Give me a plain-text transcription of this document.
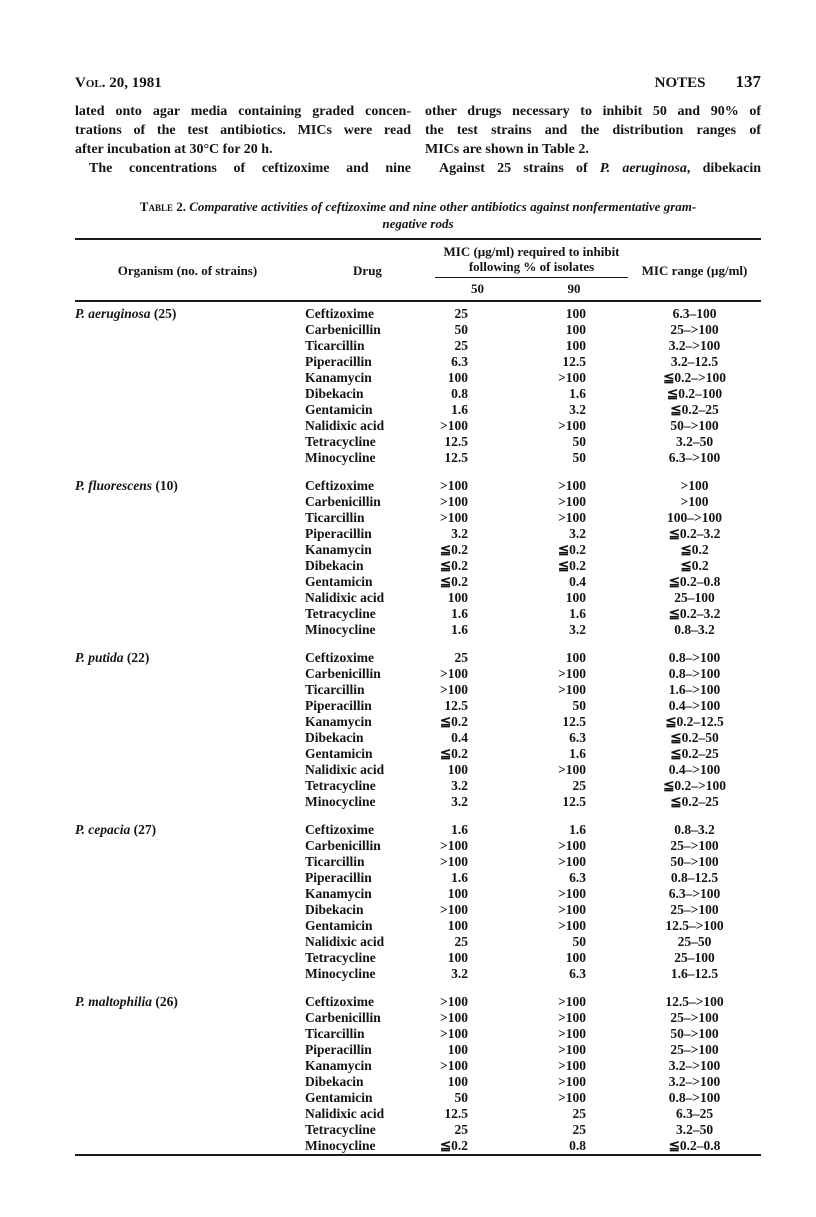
Vol. 20, 1981	NOTES 137
lated onto agar media containing graded concen-
trations of the test antibiotics. MICs were read
after incubation at 30°C for 20 h.
The concentrations of ceftizoxime and nine
other drugs necessary to inhibit 50 and 90% of
the test strains and the distribution ranges of
MICs are shown in Table 2.
Against 25 strains of P. aeruginosa, dibekacin
Table 2. Comparative activities of ceftizoxime and nine other antibiotics against nonfermentative gram-
negative rods
Organism (no. of strains)	Drug	MIC (µg/ml) required to inhibit
following % of isolates		MIC range (µg/ml)
		50	90	
P. aeruginosa (25)	Ceftizoxime	25	100	6.3–100
	Carbenicillin	50	100	25–>100
	Ticarcillin	25	100	3.2–>100
	Piperacillin	6.3	12.5	3.2–12.5
	Kanamycin	100	>100	≦0.2–>100
	Dibekacin	0.8	1.6	≦0.2–100
	Gentamicin	1.6	3.2	≦0.2–25
	Nalidixic acid	>100	>100	50–>100
	Tetracycline	12.5	50	3.2–50
	Minocycline	12.5	50	6.3–>100

P. fluorescens (10)	Ceftizoxime	>100	>100	>100
	Carbenicillin	>100	>100	>100
	Ticarcillin	>100	>100	100–>100
	Piperacillin	3.2	3.2	≦0.2–3.2
	Kanamycin	≦0.2	≦0.2	≦0.2
	Dibekacin	≦0.2	≦0.2	≦0.2
	Gentamicin	≦0.2	0.4	≦0.2–0.8
	Nalidixic acid	100	100	25–100
	Tetracycline	1.6	1.6	≦0.2–3.2
	Minocycline	1.6	3.2	0.8–3.2

P. putida (22)	Ceftizoxime	25	100	0.8–>100
	Carbenicillin	>100	>100	0.8–>100
	Ticarcillin	>100	>100	1.6–>100
	Piperacillin	12.5	50	0.4–>100
	Kanamycin	≦0.2	12.5	≦0.2–12.5
	Dibekacin	0.4	6.3	≦0.2–50
	Gentamicin	≦0.2	1.6	≦0.2–25
	Nalidixic acid	100	>100	0.4–>100
	Tetracycline	3.2	25	≦0.2–>100
	Minocycline	3.2	12.5	≦0.2–25

P. cepacia (27)	Ceftizoxime	1.6	1.6	0.8–3.2
	Carbenicillin	>100	>100	25–>100
	Ticarcillin	>100	>100	50–>100
	Piperacillin	1.6	6.3	0.8–12.5
	Kanamycin	100	>100	6.3–>100
	Dibekacin	>100	>100	25–>100
	Gentamicin	100	>100	12.5–>100
	Nalidixic acid	25	50	25–50
	Tetracycline	100	100	25–100
	Minocycline	3.2	6.3	1.6–12.5

P. maltophilia (26)	Ceftizoxime	>100	>100	12.5–>100
	Carbenicillin	>100	>100	25–>100
	Ticarcillin	>100	>100	50–>100
	Piperacillin	100	>100	25–>100
	Kanamycin	>100	>100	3.2–>100
	Dibekacin	100	>100	3.2–>100
	Gentamicin	50	>100	0.8–>100
	Nalidixic acid	12.5	25	6.3–25
	Tetracycline	25	25	3.2–50
	Minocycline	≦0.2	0.8	≦0.2–0.8
